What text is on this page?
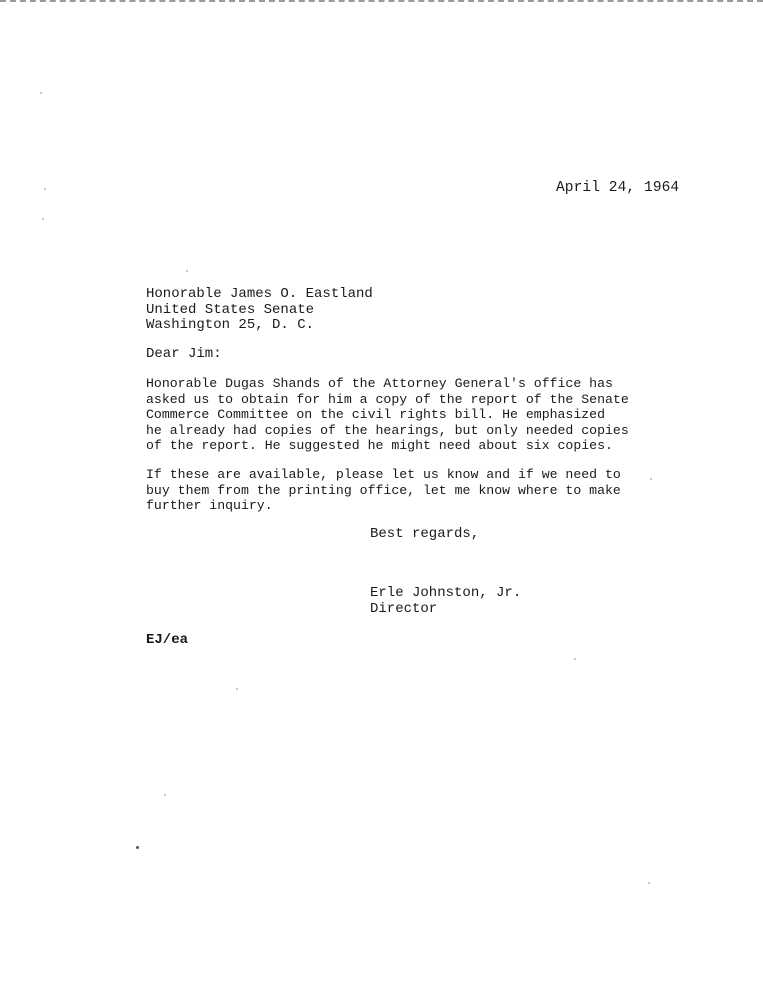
April 24, 1964
Honorable James O. Eastland
United States Senate
Washington 25, D. C.
Dear Jim:
Honorable Dugas Shands of the Attorney General's office has
asked us to obtain for him a copy of the report of the Senate
Commerce Committee on the civil rights bill. He emphasized
he already had copies of the hearings, but only needed copies
of the report. He suggested he might need about six copies.
If these are available, please let us know and if we need to
buy them from the printing office, let me know where to make
further inquiry.
Best regards,
Erle Johnston, Jr.
Director
EJ/ea
